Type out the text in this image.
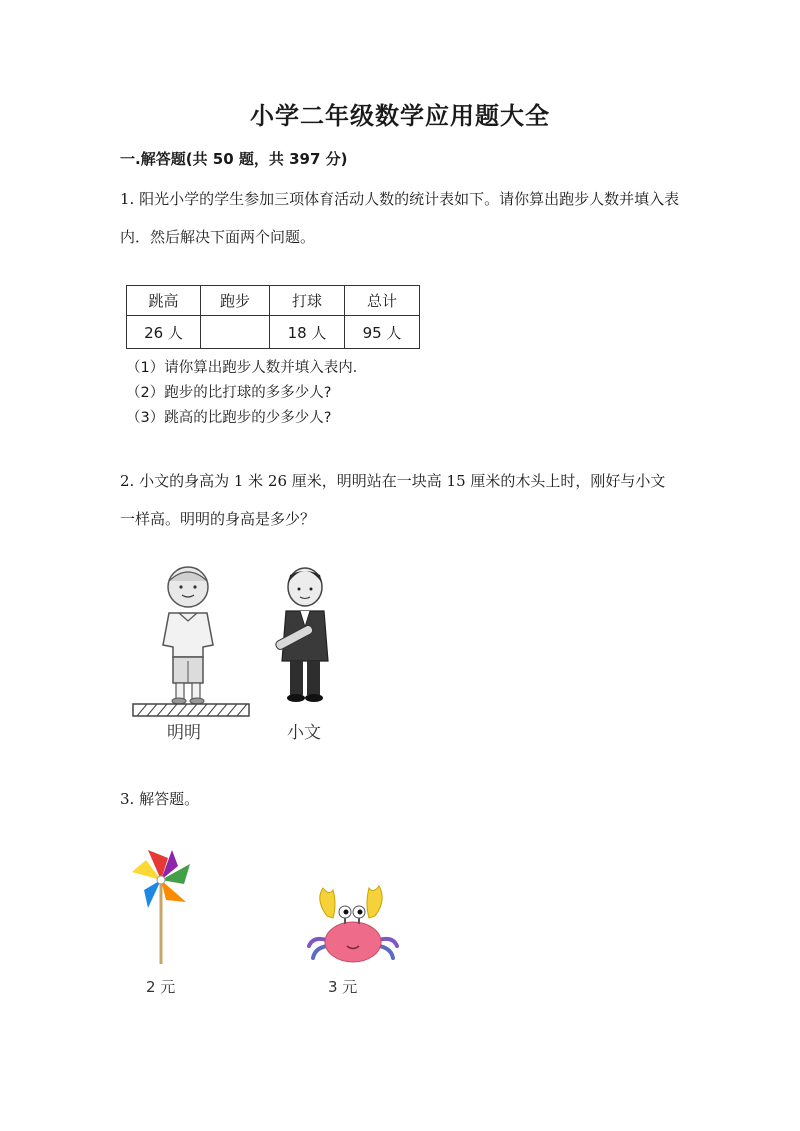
小学二年级数学应用题大全
一.解答题(共 50 题，共 397 分)
1. 阳光小学的学生参加三项体育活动人数的统计表如下。请你算出跑步人数并填入表内．然后解决下面两个问题。
跳高	跑步	打球	总计
26 人		18 人	95 人
（1）请你算出跑步人数并填入表内．
（2）跑步的比打球的多多少人?
（3）跳高的比跑步的少多少人?
2. 小文的身高为 1 米 26 厘米，明明站在一块高 15 厘米的木头上时，刚好与小文一样高。明明的身高是多少？
明明	小文
3. 解答题。
2 元	3 元
